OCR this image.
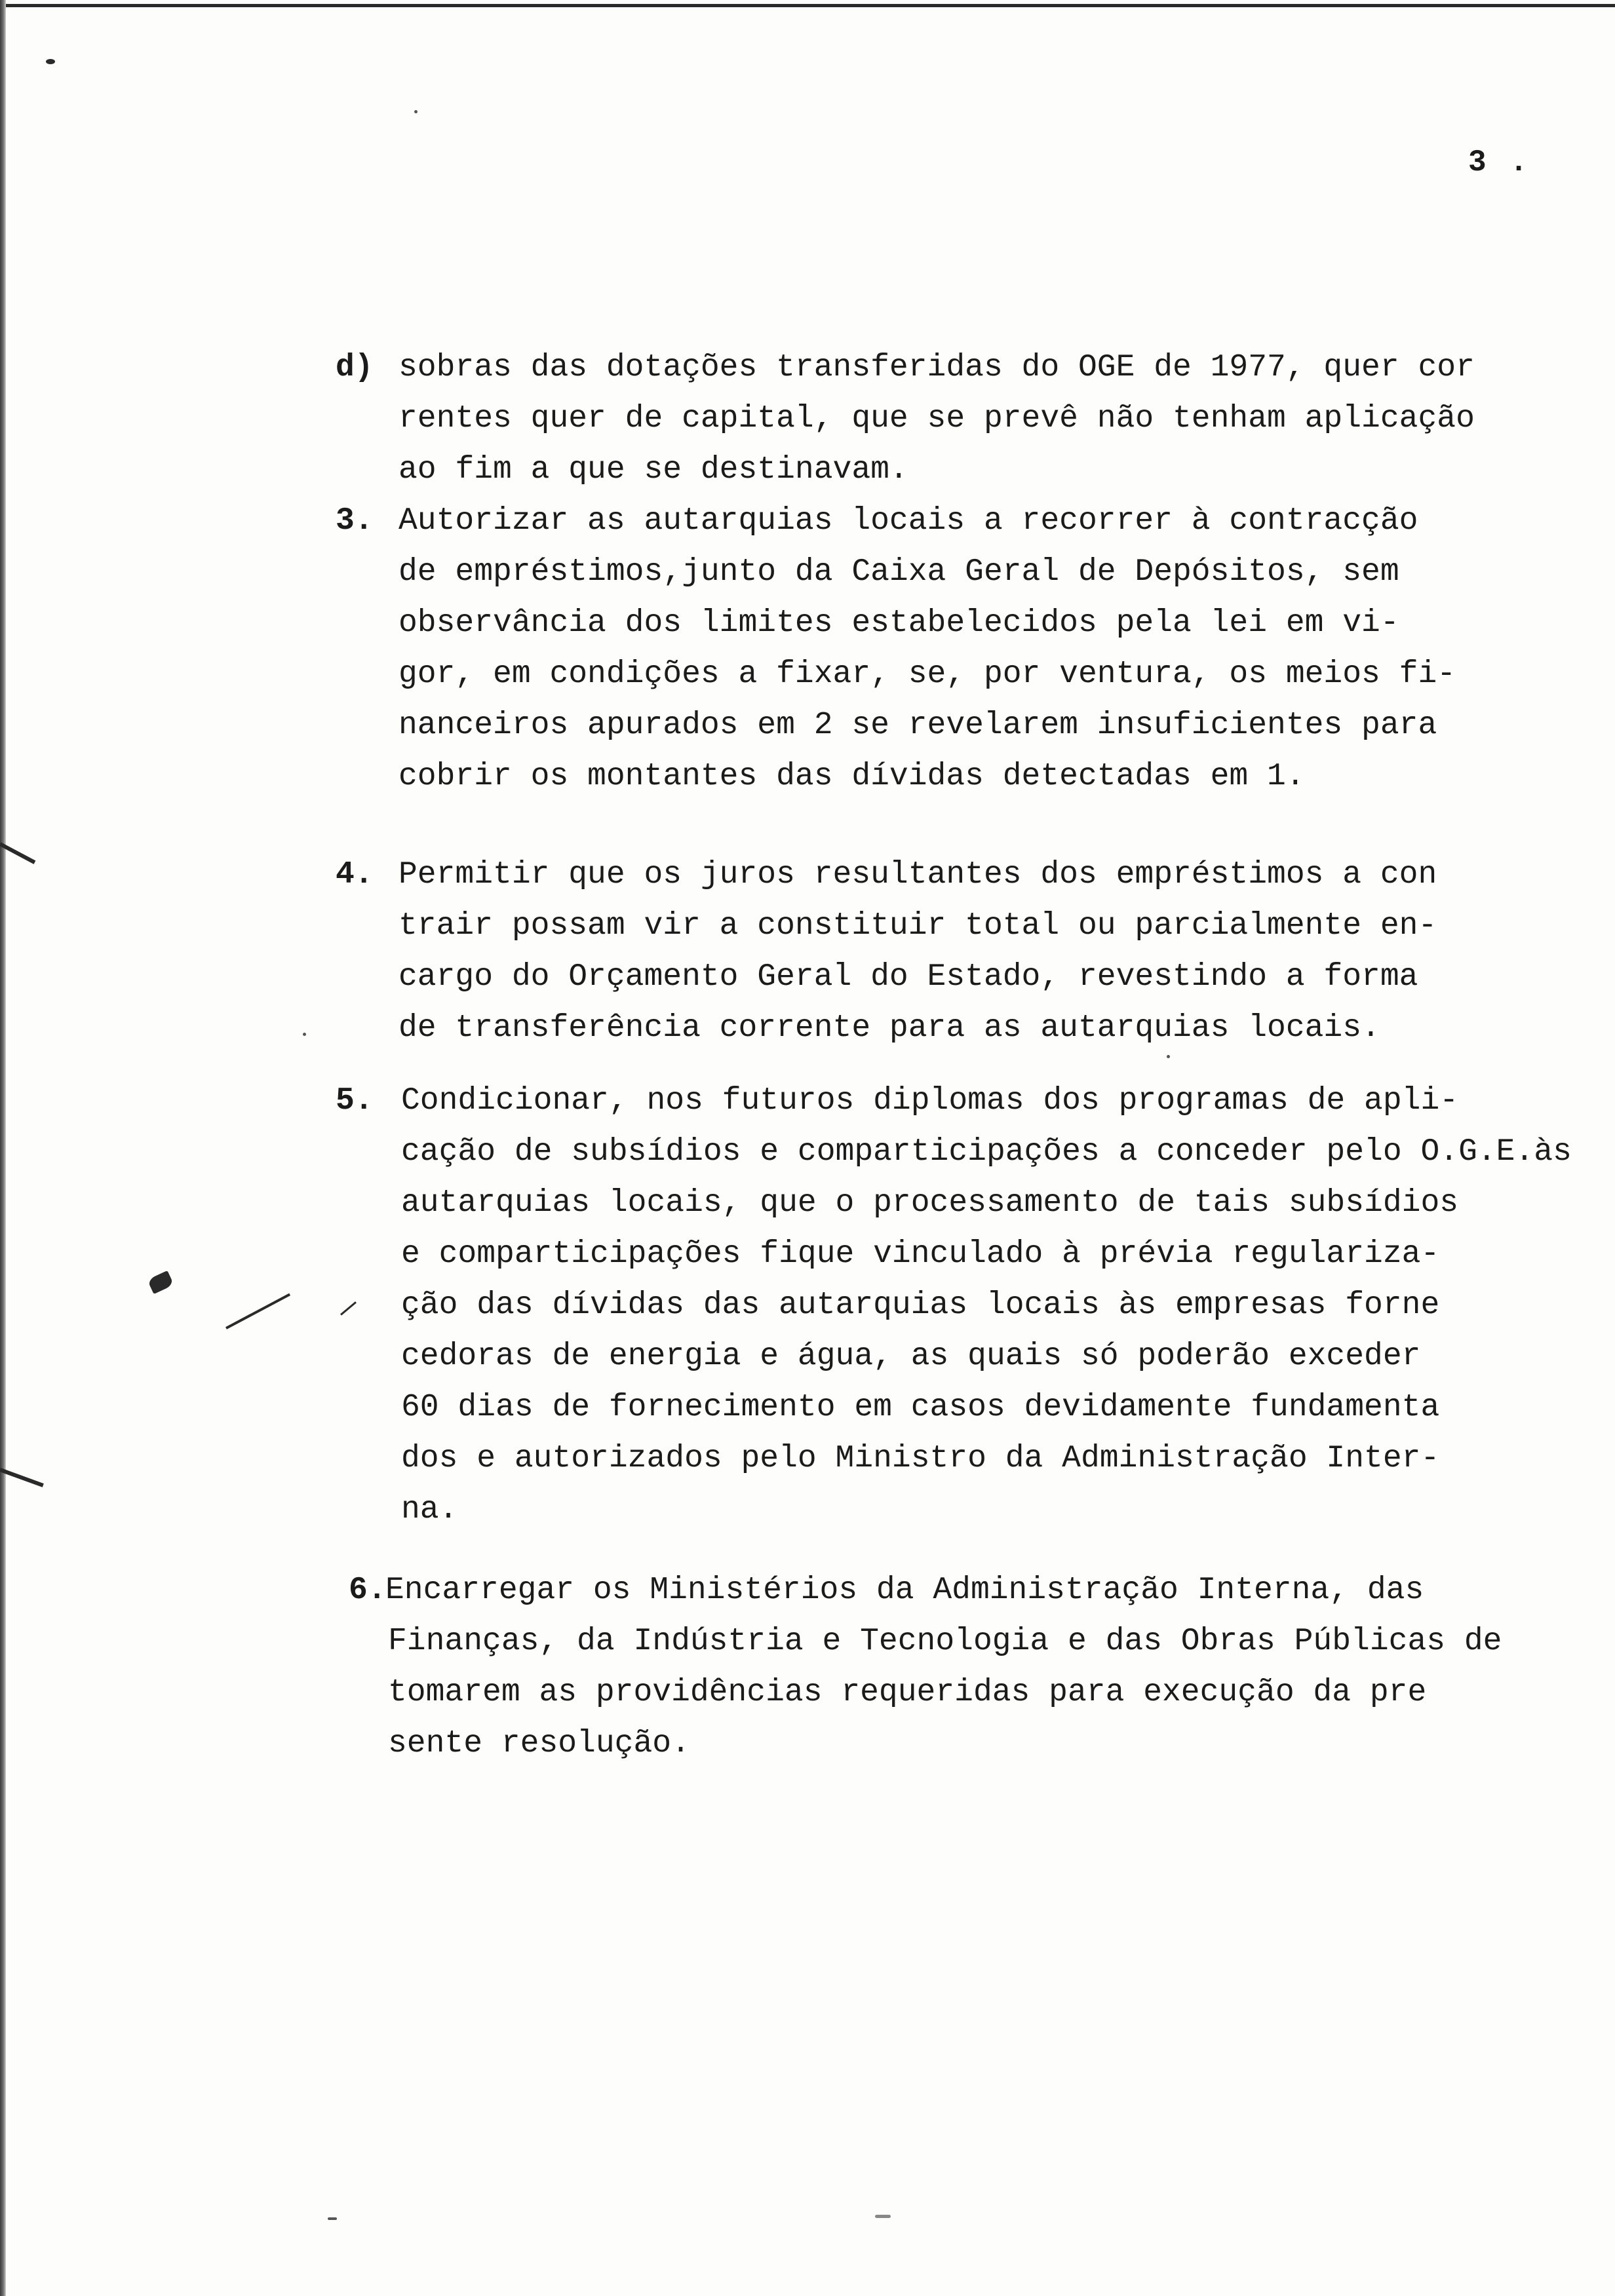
3 .
d) sobras das dotações transferidas do OGE de 1977, quer cor
rentes quer de capital, que se prevê não tenham aplicação
ao fim a que se destinavam.
3. Autorizar as autarquias locais a recorrer à contracção
de empréstimos,junto da Caixa Geral de Depósitos, sem
observância dos limites estabelecidos pela lei em vi-
gor, em condições a fixar, se, por ventura, os meios fi-
nanceiros apurados em 2 se revelarem insuficientes para
cobrir os montantes das dívidas detectadas em 1.
4. Permitir que os juros resultantes dos empréstimos a con
trair possam vir a constituir total ou parcialmente en-
cargo do Orçamento Geral do Estado, revestindo a forma
de transferência corrente para as autarquias locais.
5. Condicionar, nos futuros diplomas dos programas de apli-
cação de subsídios e comparticipações a conceder pelo O.G.E.às
autarquias locais, que o processamento de tais subsídios
e comparticipações fique vinculado à prévia regulariza-
ção das dívidas das autarquias locais às empresas forne
cedoras de energia e água, as quais só poderão exceder
60 dias de fornecimento em casos devidamente fundamenta
dos e autorizados pelo Ministro da Administração Inter-
na.
6.
Encarregar os Ministérios da Administração Interna, das
Finanças, da Indústria e Tecnologia e das Obras Públicas de
tomarem as providências requeridas para execução da pre
sente resolução.
